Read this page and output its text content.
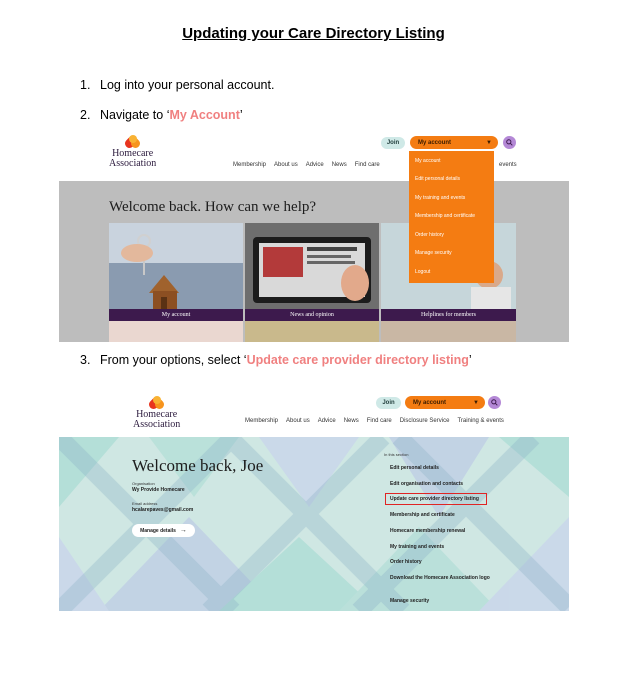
Updating your Care Directory Listing
1. Log into your personal account.
2. Navigate to ‘My Account’
Homecare
Association
Join	My account	▼
Membership About us Advice News Find care	events
Welcome back. How can we help?
My account	News and opinion	Helplines for members
My account
Edit personal details
My training and events
Membership and certificate
Order history
Manage security
Logout
3. From your options, select ‘Update care provider directory listing’
Homecare
Association
Join	My account	▼
Membership About us Advice News Find care Disclosure Service Training & events
Welcome back, Joe
Organisation
Wy Provide Homecare
Email address
hcalarepaves@gmail.com
Manage details →
In this section
Edit personal details
Edit organisation and contacts
Update care provider directory listing
Membership and certificate
Homecare membership renewal
My training and events
Order history
Download the Homecare Association logo
Manage security
